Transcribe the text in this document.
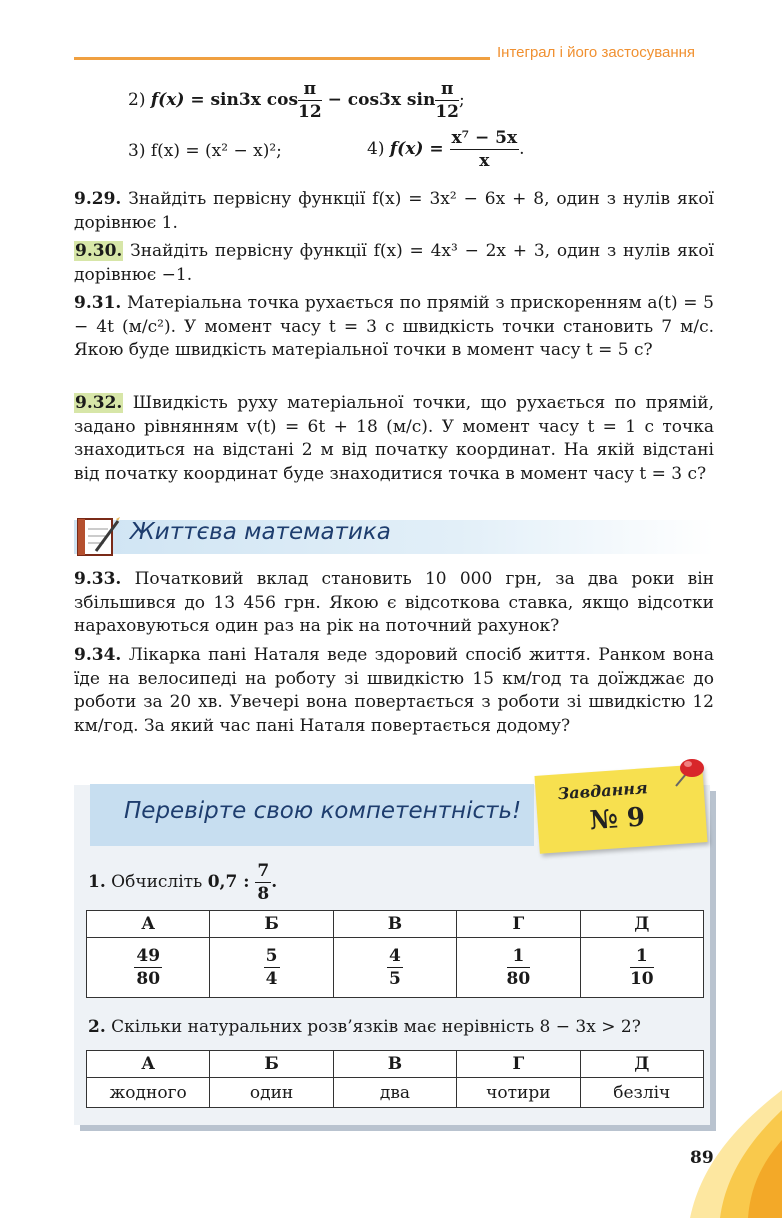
Інтеграл і його застосування
2) f(x) = sin3x $\cos \frac{\pi}{12} - \cos 3x$ $\sin \frac{\pi}{12}$ ;
3) f(x) = (x² − x)²;	4) $f(x) = \frac{\text{x⁷ − 5x}}{x}$ .
9.29. Знайдіть первісну функції f(x) = 3x² − 6x + 8, один з нулів якої дорівнює 1.
9.30. Знайдіть первісну функції f(x) = 4x³ − 2x + 3, один з нулів якої дорівнює −1.
9.31. Матеріальна точка рухається по прямій з прискоренням a(t) = 5 − 4t (м/с²). У момент часу t = 3 с швидкість точки становить 7 м/с. Якою буде швидкість матеріальної точки в момент часу t = 5 с?
9.32. Швидкість руху матеріальної точки, що рухається по прямій, задано рівнянням v(t) = 6t + 18 (м/с). У момент часу t = 1 с точка знаходиться на відстані 2 м від початку координат. На якій відстані від початку координат буде знаходитися точка в момент часу t = 3 с?
Життєва математика
9.33. Початковий вклад становить 10 000 грн, за два роки він збільшився до 13 456 грн. Якою є відсоткова ставка, якщо відсотки нараховуються один раз на рік на поточний рахунок?
9.34. Лікарка пані Наталя веде здоровий спосіб життя. Ранком вона їде на велосипеді на роботу зі швидкістю 15 км/год та доїжджає до роботи за 20 хв. Увечері вона повертається з роботи зі швидкістю 12 км/год. За який час пані Наталя повертається додому?
Перевірте свою компетентність!
Завдання
№ 9
1. Обчисліть 0,7 : $\frac{7}{8}$ .
А	Б	В	Г	Д

$\frac{49}{80}$	$\frac{5}{4}$	$\frac{4}{5}$	$\frac{1}{80}$	$\frac{1}{10}$
2. Скільки натуральних розв’язків має нерівність 8 − 3x > 2?
А	Б	В	Г	Д
жодного	один	два	чотири	безліч
89
